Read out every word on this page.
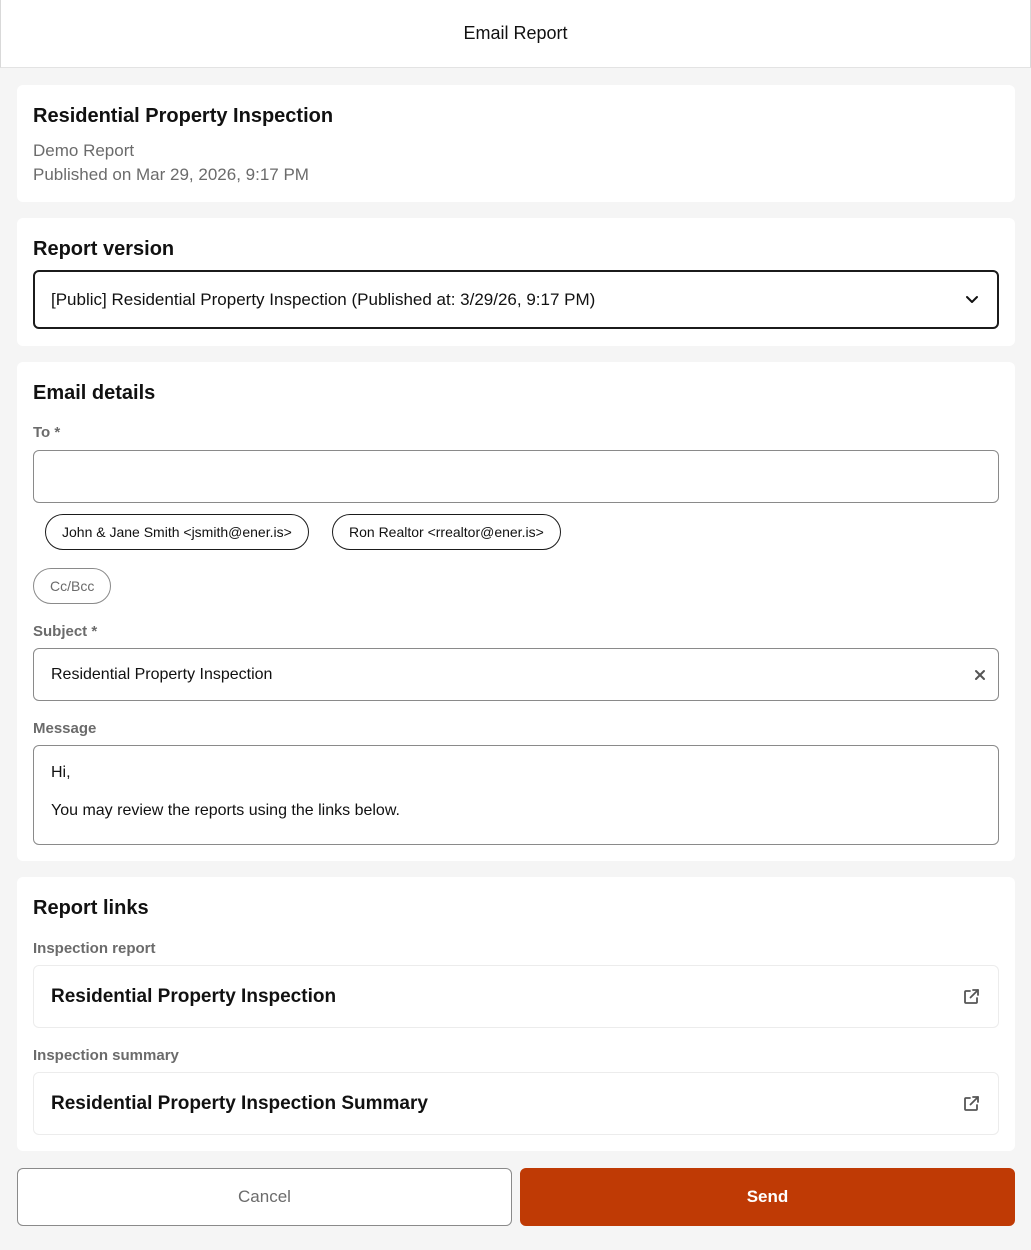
Email Report
Residential Property Inspection
Demo Report
Published on Mar 29, 2026, 9:17 PM
Report version
[Public] Residential Property Inspection (Published at: 3/29/26, 9:17 PM)
Email details
To *
John & Jane Smith <jsmith@ener.is>	Ron Realtor <rrealtor@ener.is>
Cc/Bcc
Subject *
Residential Property Inspection
Message

Hi,

You may review the reports using the links below.

Report links
Inspection report
Residential Property Inspection
Inspection summary
Residential Property Inspection Summary
Cancel	Send
